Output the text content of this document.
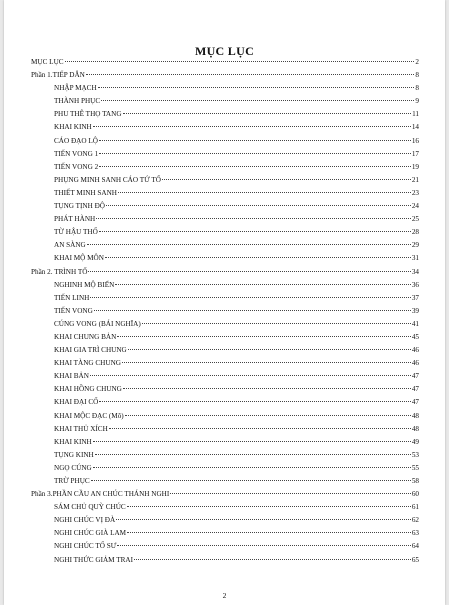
MỤC LỤC
MỤC LỤC	2
Phần 1.TIẾP DẪN	8
NHẬP MẠCH	8
THÀNH PHỤC	9
PHU THÊ THỌ TANG	11
KHAI KINH	14
CÁO ĐẠO LỘ	16
TIẾN VONG 1	17
TIẾN VONG 2	19
PHỤNG MINH SANH CÁO TỨ TỐ	21
THIẾT MINH SANH	23
TỤNG TỊNH ĐỘ	24
PHÁT HÀNH	25
TỪ HẬU THỔ	28
AN SÀNG	29
KHAI MỘ MÔN	31
Phần 2. TRÌNH TỐ	34
NGHINH MỘ BIỂN	36
TIẾN LINH	37
TIẾN VONG	39
CÚNG VONG (BÁI NGHĨA)	41
KHAI CHUNG BẢN	45
KHAI GIA TRÌ CHUNG	46
KHAI TÀNG CHUNG	46
KHAI BẢN	47
KHAI HỒNG CHUNG	47
KHAI ĐẠI CỔ	47
KHAI MỘC ĐẠC (Mõ)	48
KHAI THỦ XÍCH	48
KHAI KINH	49
TỤNG KINH	53
NGỌ CÚNG	55
TRỪ PHỤC	58
Phần 3.PHẦN CẦU AN CHÚC THÁNH NGHI	60
SÁM CHỦ QUỲ CHÚC	61
NGHI CHÚC VỊ ĐÀ	62
NGHI CHÚC GIÀ LAM	63
NGHI CHÚC TỔ SƯ	64
NGHI THỨC GIẢM TRAI	65
2
